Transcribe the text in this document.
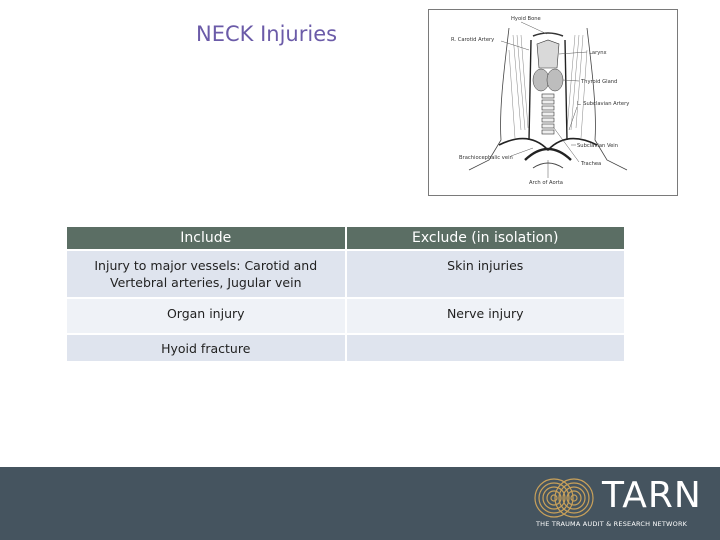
NECK Injuries
Hyoid Bone
R. Carotid Artery
Larynx
Thyroid Gland
L. Subclavian Artery
Subclavian Vein
Brachiocephalic vein
Trachea
Arch of Aorta
Include	Exclude (in isolation)
Injury to major vessels: Carotid and Vertebral arteries, Jugular vein	Skin injuries
Organ injury	Nerve injury
Hyoid fracture	
TARN
THE TRAUMA AUDIT & RESEARCH NETWORK
